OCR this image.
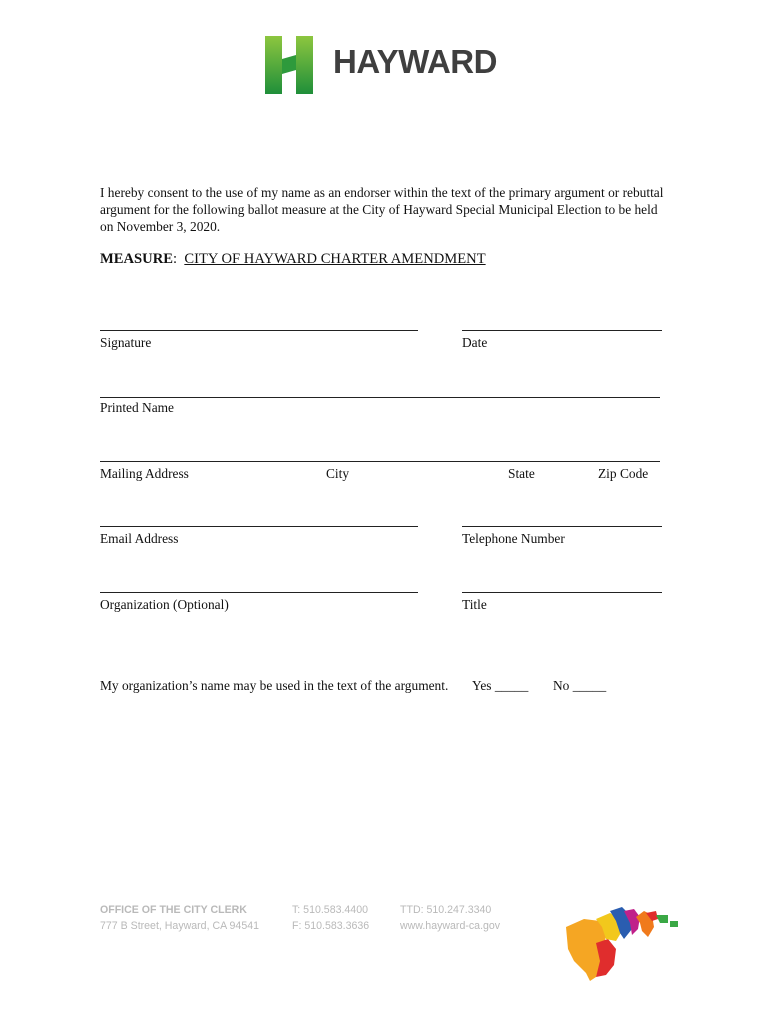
HAYWARD

I hereby consent to the use of my name as an endorser within the text of the primary argument or rebuttal argument for the following ballot measure at the City of Hayward Special Municipal Election to be held on November 3, 2020.

MEASURE:  CITY OF HAYWARD CHARTER AMENDMENT
Signature	Date
Printed Name
Mailing Address	City	State	Zip Code
Email Address	Telephone Number
Organization (Optional)	Title
My organization’s name may be used in the text of the argument. Yes _____ No _____
OFFICE OF THE CITY CLERK
777 B Street, Hayward, CA 94541
T: 510.583.4400
F: 510.583.3636
TTD: 510.247.3340
www.hayward-ca.gov
